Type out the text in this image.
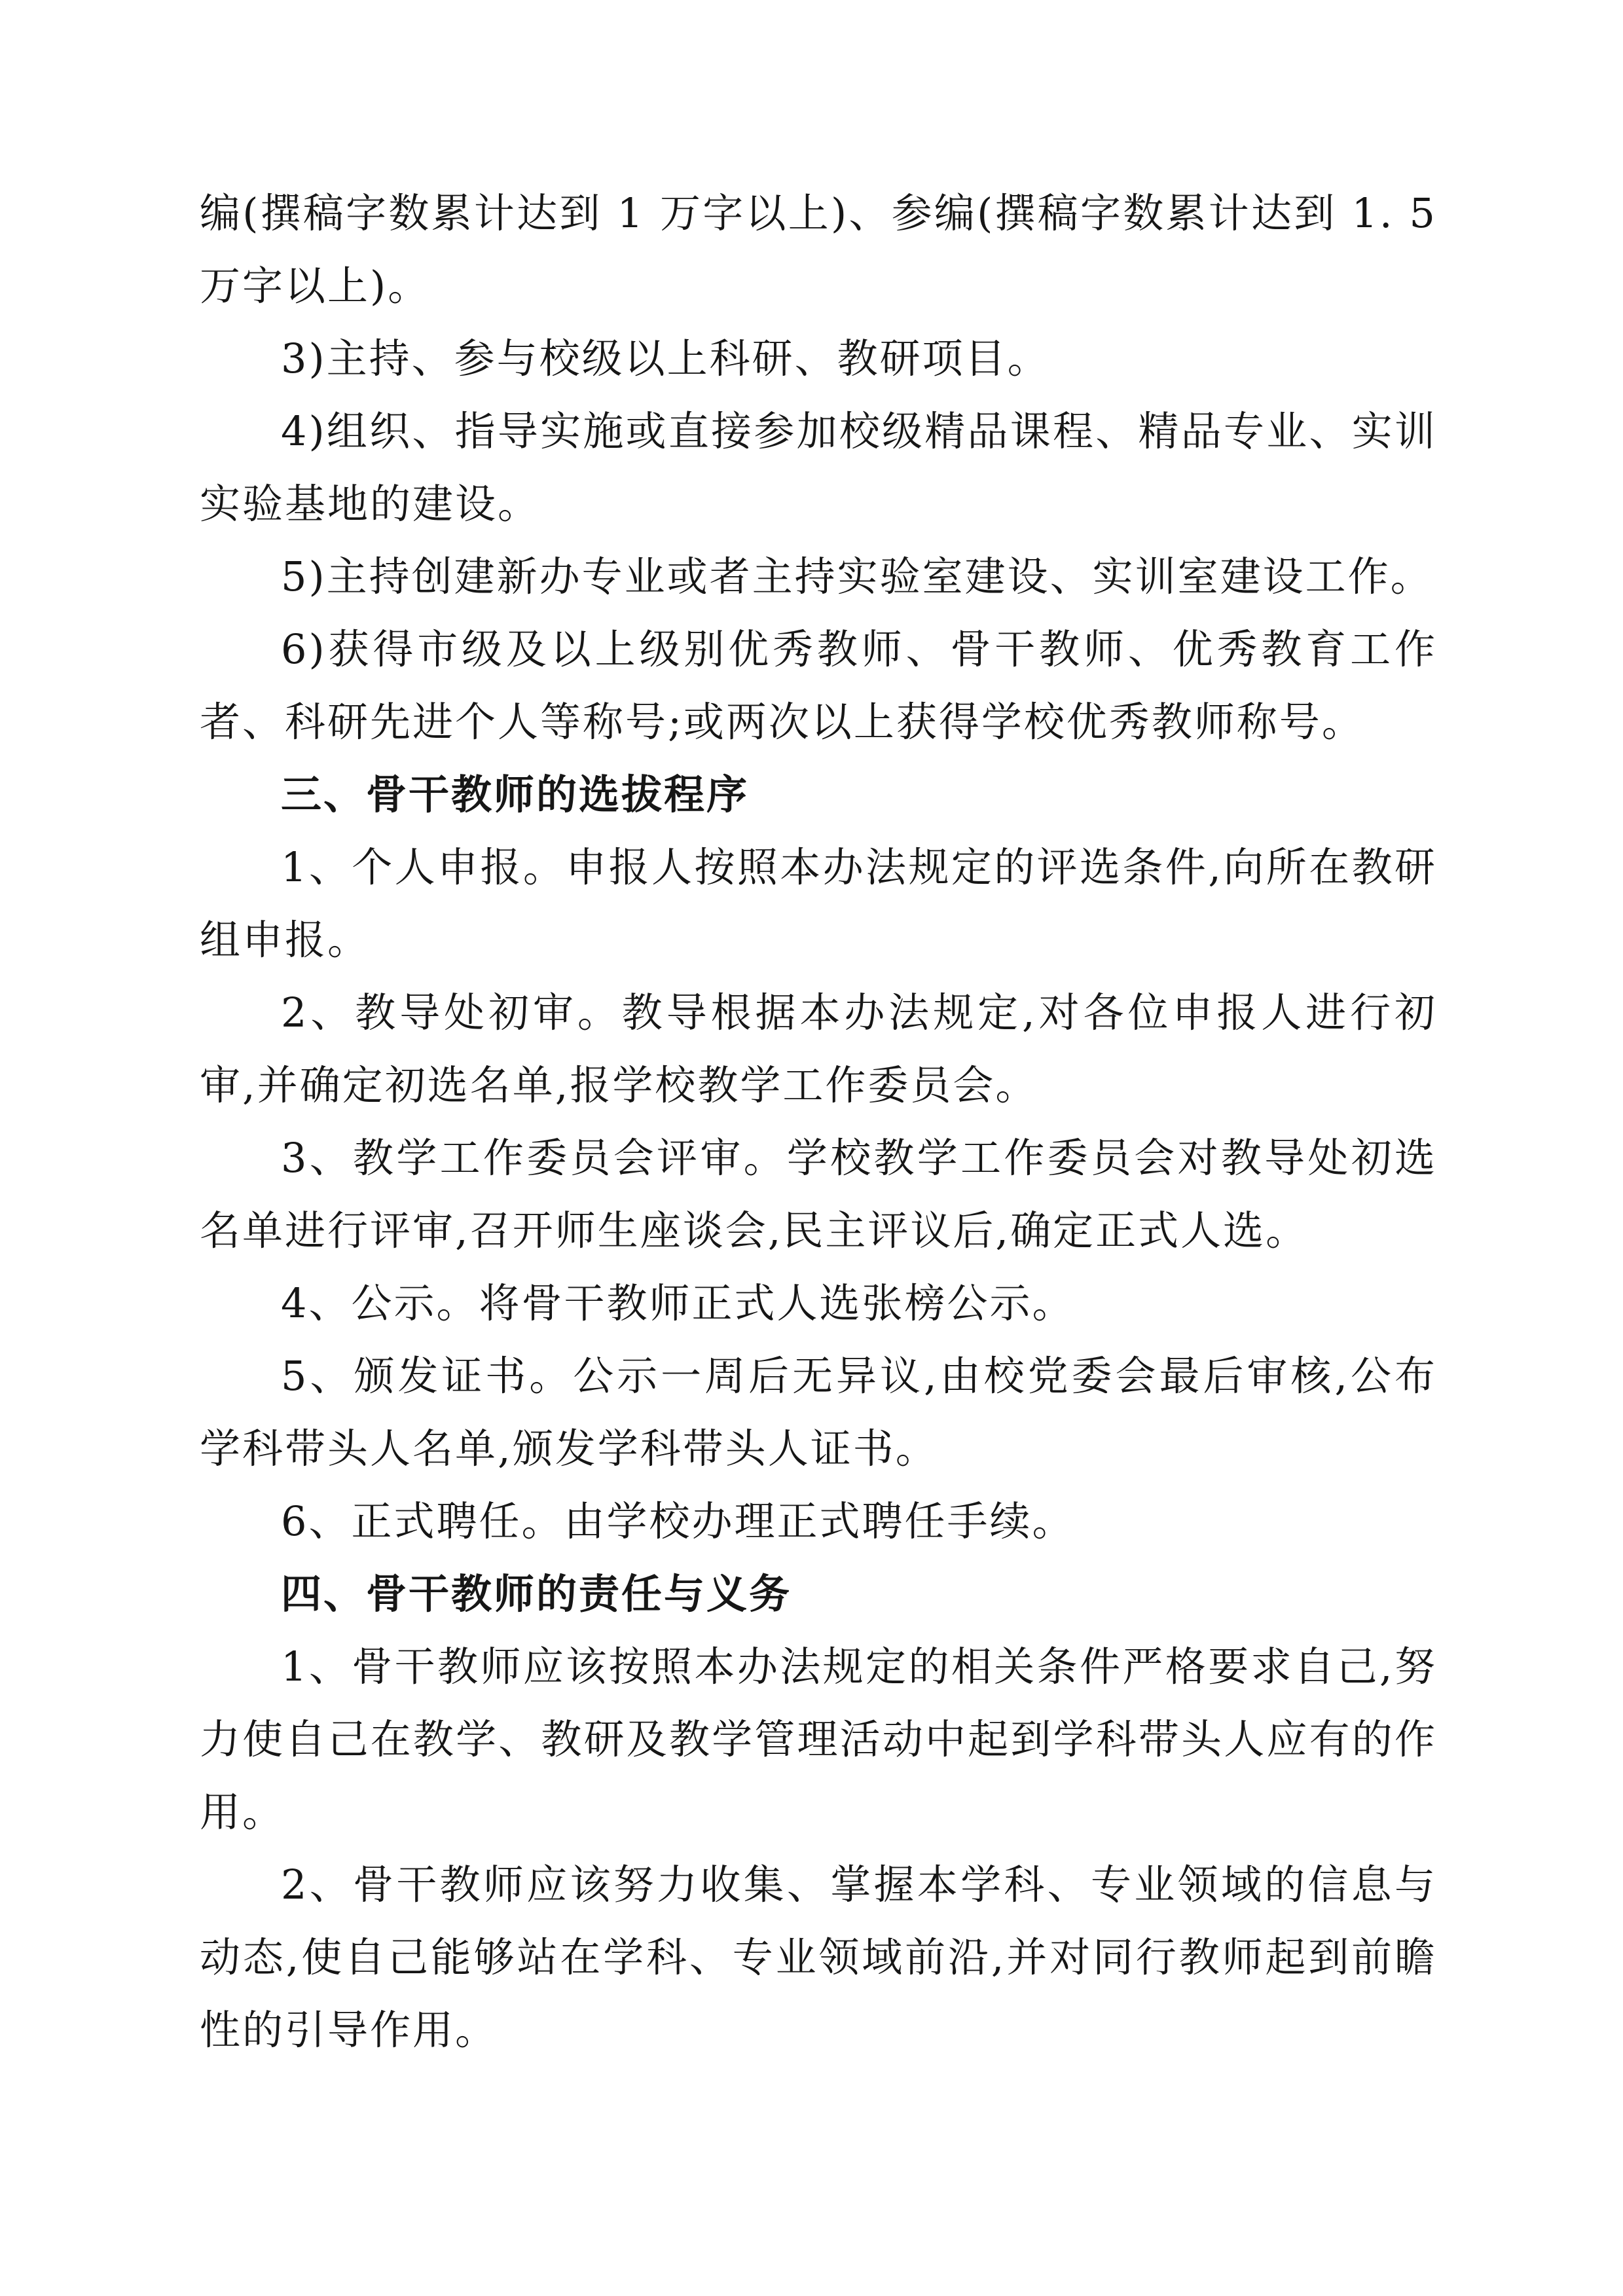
编(撰稿字数累计达到 1 万字以上)、参编(撰稿字数累计达到 1. 5 万字以上)。

3)主持、参与校级以上科研、教研项目。

4)组织、指导实施或直接参加校级精品课程、精品专业、实训实验基地的建设。

5)主持创建新办专业或者主持实验室建设、实训室建设工作。

6)获得市级及以上级别优秀教师、骨干教师、优秀教育工作者、科研先进个人等称号;或两次以上获得学校优秀教师称号。

三、骨干教师的选拔程序

1、个人申报。申报人按照本办法规定的评选条件,向所在教研组申报。

2、教导处初审。教导根据本办法规定,对各位申报人进行初审,并确定初选名单,报学校教学工作委员会。

3、教学工作委员会评审。学校教学工作委员会对教导处初选名单进行评审,召开师生座谈会,民主评议后,确定正式人选。

4、公示。将骨干教师正式人选张榜公示。

5、颁发证书。公示一周后无异议,由校党委会最后审核,公布学科带头人名单,颁发学科带头人证书。

6、正式聘任。由学校办理正式聘任手续。

四、骨干教师的责任与义务

1、骨干教师应该按照本办法规定的相关条件严格要求自己,努力使自己在教学、教研及教学管理活动中起到学科带头人应有的作用。

2、骨干教师应该努力收集、掌握本学科、专业领域的信息与动态,使自己能够站在学科、专业领域前沿,并对同行教师起到前瞻性的引导作用。
